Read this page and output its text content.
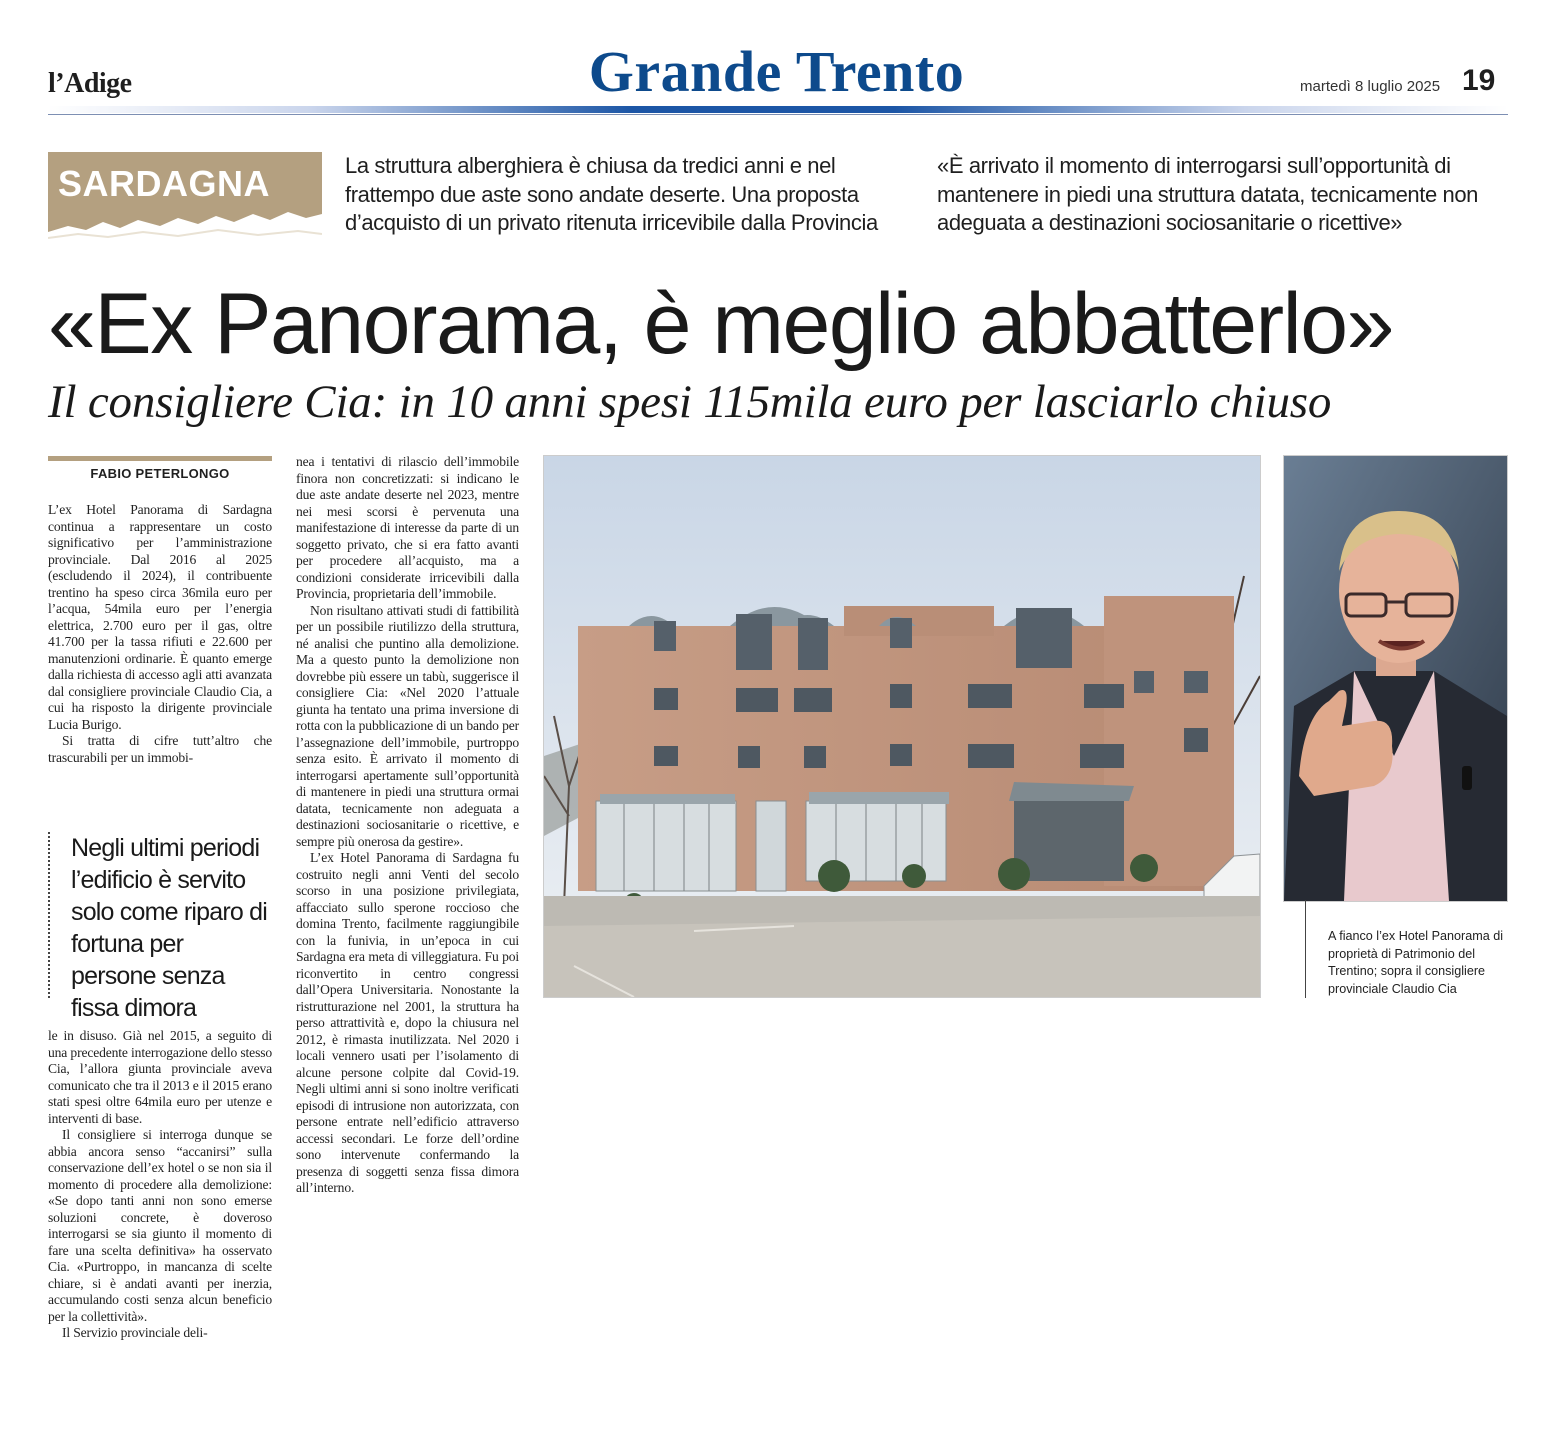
l’Adige	Grande Trento	martedì 8 luglio 2025 19
SARDAGNA	La struttura alberghiera è chiusa da tredici anni e nel frattempo due aste sono andate deserte. Una proposta d’acquisto di un privato ritenuta irricevibile dalla Provincia
«È arrivato il momento di interrogarsi sull’opportunità di mantenere in piedi una struttura datata, tecnicamente non adeguata a destinazioni sociosanitarie o ricettive»
«Ex Panorama, è meglio abbatterlo»
Il consigliere Cia: in 10 anni spesi 115mila euro per lasciarlo chiuso
FABIO PETERLONGO

L’ex Hotel Panorama di Sardagna continua a rappresentare un costo significativo per l’amministrazione provinciale. Dal 2016 al 2025 (escludendo il 2024), il contribuente trentino ha speso circa 36mila euro per l’acqua, 54mila euro per l’energia elettrica, 2.700 euro per il gas, oltre 41.700 per la tassa rifiuti e 22.600 per manutenzioni ordinarie. È quanto emerge dalla richiesta di accesso agli atti avanzata dal consigliere provinciale Claudio Cia, a cui ha risposto la dirigente provinciale Lucia Burigo.

Si tratta di cifre tutt’altro che trascurabili per un immobi-

Negli ultimi periodi l’edificio è servito solo come riparo di fortuna per persone senza fissa dimora

le in disuso. Già nel 2015, a seguito di una precedente interrogazione dello stesso Cia, l’allora giunta provinciale aveva comunicato che tra il 2013 e il 2015 erano stati spesi oltre 64mila euro per utenze e interventi di base.

Il consigliere si interroga dunque se abbia ancora senso “accanirsi” sulla conservazione dell’ex hotel o se non sia il momento di procedere alla demolizione: «Se dopo tanti anni non sono emerse soluzioni concrete, è doveroso interrogarsi se sia giunto il momento di fare una scelta definitiva» ha osservato Cia. «Purtroppo, in mancanza di scelte chiare, si è andati avanti per inerzia, accumulando costi senza alcun beneficio per la collettività».

Il Servizio provinciale deli-

nea i tentativi di rilascio dell’immobile finora non concretizzati: si indicano le due aste andate deserte nel 2023, mentre nei mesi scorsi è pervenuta una manifestazione di interesse da parte di un soggetto privato, che si era fatto avanti per procedere all’acquisto, ma a condizioni considerate irricevibili dalla Provincia, proprietaria dell’immobile.

Non risultano attivati studi di fattibilità per un possibile riutilizzo della struttura, né analisi che puntino alla demolizione. Ma a questo punto la demolizione non dovrebbe più essere un tabù, suggerisce il consigliere Cia: «Nel 2020 l’attuale giunta ha tentato una prima inversione di rotta con la pubblicazione di un bando per l’assegnazione dell’immobile, purtroppo senza esito. È arrivato il momento di interrogarsi apertamente sull’opportunità di mantenere in piedi una struttura ormai datata, tecnicamente non adeguata a destinazioni sociosanitarie o ricettive, e sempre più onerosa da gestire».

L’ex Hotel Panorama di Sardagna fu costruito negli anni Venti del secolo scorso in una posizione privilegiata, affacciato sullo sperone roccioso che domina Trento, facilmente raggiungibile con la funivia, in un’epoca in cui Sardagna era meta di villeggiatura. Fu poi riconvertito in centro congressi dall’Opera Universitaria. Nonostante la ristrutturazione nel 2001, la struttura ha perso attrattività e, dopo la chiusura nel 2012, è rimasta inutilizzata. Nel 2020 i locali vennero usati per l’isolamento di alcune persone colpite dal Covid-19. Negli ultimi anni si sono inoltre verificati episodi di intrusione non autorizzata, con persone entrate nell’edificio attraverso accessi secondari. Le forze dell’ordine sono intervenute confermando la presenza di soggetti senza fissa dimora all’interno.

A fianco l’ex Hotel Panorama di proprietà di Patrimonio del Trentino; sopra il consigliere provinciale Claudio Cia
